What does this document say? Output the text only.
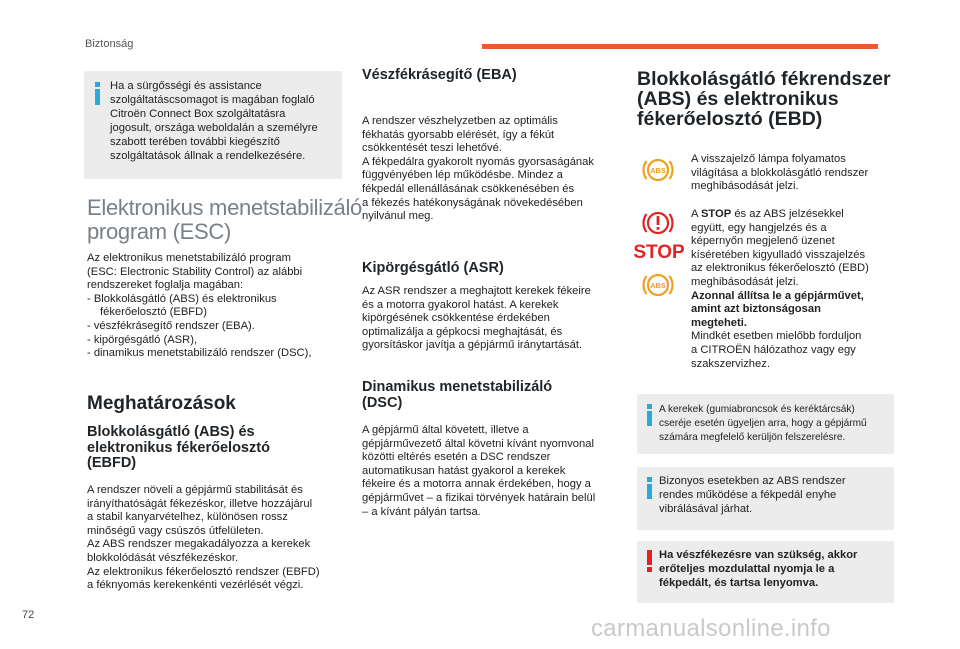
Biztonság
Ha a sürgősségi és assistance
szolgáltatáscsomagot is magában foglaló
Citroën Connect Box szolgáltatásra
jogosult, országa weboldalán a személyre
szabott terében további kiegészítő
szolgáltatások állnak a rendelkezésére.
Elektronikus menetstabilizáló
program (ESC)
Az elektronikus menetstabilizáló program
(ESC: Electronic Stability Control) az alábbi
rendszereket foglalja magában:
- Blokkolásgátló (ABS) és elektronikus
fékerőelosztó (EBFD)
- vészfékrásegítő rendszer (EBA).
- kipörgésgátló (ASR),
- dinamikus menetstabilizáló rendszer (DSC),
Meghatározások
Blokkolásgátló (ABS) és
elektronikus fékerőelosztó
(EBFD)
A rendszer növeli a gépjármű stabilitását és
irányíthatóságát fékezéskor, illetve hozzájárul
a stabil kanyarvételhez, különösen rossz
minőségű vagy csúszós útfelületen.
Az ABS rendszer megakadályozza a kerekek
blokkolódását vészfékezéskor.
Az elektronikus fékerőelosztó rendszer (EBFD)
a féknyomás kerekenkénti vezérlését végzi.
Vészfékrásegítő (EBA)
A rendszer vészhelyzetben az optimális
fékhatás gyorsabb elérését, így a fékút
csökkentését teszi lehetővé.
A fékpedálra gyakorolt nyomás gyorsaságának
függvényében lép működésbe. Mindez a
fékpedál ellenállásának csökkenésében és
a fékezés hatékonyságának növekedésében
nyilvánul meg.
Kipörgésgátló (ASR)
Az ASR rendszer a meghajtott kerekek fékeire
és a motorra gyakorol hatást. A kerekek
kipörgésének csökkentése érdekében
optimalizálja a gépkocsi meghajtását, és
gyorsításkor javítja a gépjármű iránytartását.
Dinamikus menetstabilizáló
(DSC)
A gépjármű által követett, illetve a
gépjárművezető által követni kívánt nyomvonal
közötti eltérés esetén a DSC rendszer
automatikusan hatást gyakorol a kerekek
fékeire és a motorra annak érdekében, hogy a
gépjárművet – a fizikai törvények határain belül
– a kívánt pályán tartsa.
Blokkolásgátló fékrendszer
(ABS) és elektronikus
fékerőelosztó (EBD)
ABS
A visszajelző lámpa folyamatos
világítása a blokkolásgátló rendszer
meghibásodását jelzi.
STOP
ABS
A STOP és az ABS jelzésekkel
együtt, egy hangjelzés és a
képernyőn megjelenő üzenet
kíséretében kigyulladó visszajelzés
az elektronikus fékerőelosztó (EBD)
meghibásodását jelzi.
Azonnal állítsa le a gépjárművet,
amint azt biztonságosan
megteheti.
Mindkét esetben mielőbb forduljon
a CITROËN hálózathoz vagy egy
szakszervizhez.
A kerekek (gumiabroncsok és keréktárcsák)
cseréje esetén ügyeljen arra, hogy a gépjármű
számára megfelelő kerüljön felszerelésre.
Bizonyos esetekben az ABS rendszer
rendes működése a fékpedál enyhe
vibrálásával járhat.
Ha vészfékezésre van szükség, akkor
erőteljes mozdulattal nyomja le a
fékpedált, és tartsa lenyomva.
72	carmanualsonline.info
